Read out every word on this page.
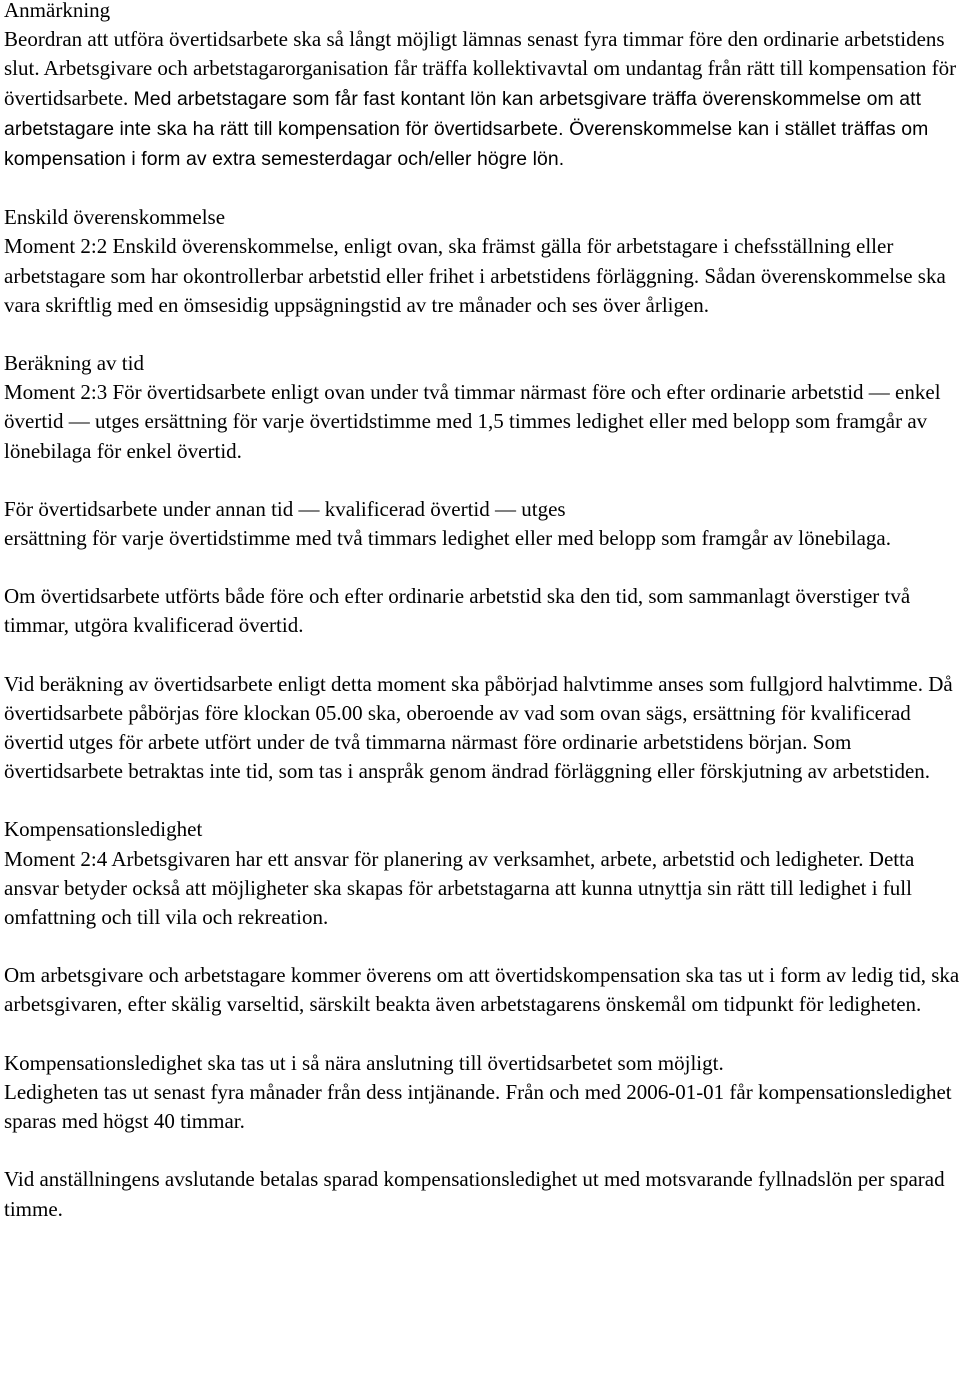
Anmärkning

Beordran att utföra övertidsarbete ska så långt möjligt lämnas senast fyra timmar före den ordinarie arbetstidens slut. Arbetsgivare och arbetstagarorganisation får träffa kollektivavtal om undantag från rätt till kompensation för övertidsarbete. Med arbetstagare som får fast kontant lön kan arbetsgivare träffa överenskommelse om att arbetstagare inte ska ha rätt till kompensation för övertidsarbete. Överenskommelse kan i stället träffas om kompensation i form av extra semesterdagar och/eller högre lön.

Enskild överenskommelse

Moment 2:2 Enskild överenskommelse, enligt ovan, ska främst gälla för arbetstagare i chefsställning eller arbetstagare som har okontrollerbar arbetstid eller frihet i arbetstidens förläggning. Sådan överenskommelse ska vara skriftlig med en ömsesidig uppsägningstid av tre månader och ses över årligen.

Beräkning av tid

Moment 2:3 För övertidsarbete enligt ovan under två timmar närmast före och efter ordinarie arbetstid — enkel övertid — utges ersättning för varje övertidstimme med 1,5 timmes ledighet eller med belopp som framgår av lönebilaga för enkel övertid.

För övertidsarbete under annan tid — kvalificerad övertid — utges

ersättning för varje övertidstimme med två timmars ledighet eller med belopp som framgår av lönebilaga.

Om övertidsarbete utförts både före och efter ordinarie arbetstid ska den tid, som sammanlagt överstiger två timmar, utgöra kvalificerad övertid.

Vid beräkning av övertidsarbete enligt detta moment ska påbörjad halvtimme anses som fullgjord halvtimme. Då övertidsarbete påbörjas före klockan 05.00 ska, oberoende av vad som ovan sägs, ersättning för kvalificerad övertid utges för arbete utfört under de två timmarna närmast före ordinarie arbetstidens början. Som övertidsarbete betraktas inte tid, som tas i anspråk genom ändrad förläggning eller förskjutning av arbetstiden.

Kompensationsledighet

Moment 2:4 Arbetsgivaren har ett ansvar för planering av verksamhet, arbete, arbetstid och ledigheter. Detta ansvar betyder också att möjligheter ska skapas för arbetstagarna att kunna utnyttja sin rätt till ledighet i full omfattning och till vila och rekreation.

Om arbetsgivare och arbetstagare kommer överens om att övertidskompensation ska tas ut i form av ledig tid, ska arbetsgivaren, efter skälig varseltid, särskilt beakta även arbetstagarens önskemål om tidpunkt för ledigheten.

Kompensationsledighet ska tas ut i så nära anslutning till övertidsarbetet som möjligt.

Ledigheten tas ut senast fyra månader från dess intjänande. Från och med 2006-01-01 får kompensationsledighet sparas med högst 40 timmar.

Vid anställningens avslutande betalas sparad kompensationsledighet ut med motsvarande fyllnadslön per sparad timme.
